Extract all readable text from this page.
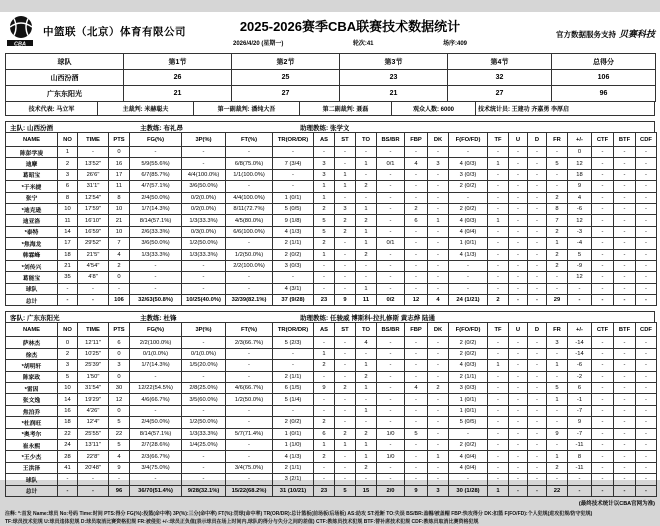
CBA
中篮联（北京）体育有限公司	2025-2026赛季CBA联赛技术数据统计
2026/4/20 (星期一)	轮次:41	场序:409
官方数据服务支持 贝赛科技
球队	第1节	第2节	第3节	第4节	总得分
山西汾酒	26	25	23	32	106
广东东阳光	21	27	21	27	96
技术代表: 马立军	主裁判: 米赫聪夫	第一副裁判: 潘纯大吾	第二副裁判: 聂磊	观众人数: 6000	技术统计员: 王建功 齐嘉勇 李厚启
主队: 山西汾酒	主教练: 布礼昂	助理教练: 张学文
NAME	NO	TIME	PTS	FG(%)	3P(%)	FT(%)	TR(OR/DR)	AS	ST	TO	BS/BR	FBP	DK	F(FO/FD)	TF	U	D	FR	+/-	CTF	BTF	CDF
陈彭学凌	1	-	0	-	-	-	-	-	-	-	-	-	-	-	-	-	-	-	0	-	-	-
迪摩	2	13'52"	16	5/9(55.6%)	-	6/8(75.0%)	7 (3/4)	3	-	1	0/1	4	3	4 (0/3)	1	-	-	5	12	-	-	-
葛昭宝	3	26'6"	17	6/7(85.7%)	4/4(100.0%)	1/1(100.0%)	-	3	1	-	-	-	-	3 (0/3)	-	-	-	-	18	-	-	-
*于米捷	6	31'1"	11	4/7(57.1%)	3/6(50.0%)	-	-	1	1	2	-	-	-	2 (0/2)	-	-	-	-	9	-	-	-
张宁	8	12'54"	8	2/4(50.0%)	0/2(0.0%)	4/4(100.0%)	1 (0/1)	1	-	-	-	-	-	-	-	-	-	2	4	-	-	-
*迪克逊	10	17'59"	10	1/7(14.3%)	0/2(0.0%)	8/11(72.7%)	5 (0/5)	2	3	1	-	2	-	2 (0/2)	-	-	-	8	-6	-	-	-
迪亚洛	11	16'10"	21	8/14(57.1%)	1/3(33.3%)	4/5(80.0%)	9 (1/8)	5	2	2	-	6	1	4 (0/3)	1	-	-	7	12	-	-	-
*泰特	14	16'59"	10	2/6(33.3%)	0/3(0.0%)	6/6(100.0%)	4 (1/3)	5	2	1	-	-	-	4 (0/4)	-	-	-	2	-3	-	-	-
*焦海龙	17	29'52"	7	3/6(50.0%)	1/2(50.0%)	-	2 (1/1)	2	-	1	0/1	-	-	1 (0/1)	-	-	-	1	-4	-	-	-
韩霖峰	18	21'5"	4	1/3(33.3%)	1/3(33.3%)	1/2(50.0%)	2 (0/2)	1	-	2	-	-	-	4 (1/3)	-	-	-	2	5	-	-	-
*刘传兴	21	4'54"	2	-	-	2/2(100.0%)	3 (0/3)	-	-	-	-	-	-	-	-	-	-	2	-9	-	-	-
葛能宝	35	4'8"	0	-	-	-	-	-	-	-	-	-	-	-	-	-	-	-	12	-	-	-
球队	-	-	-	-	-	-	4 (3/1)	-	-	1	-	-	-	-	-	-	-	-	-	-	-	-
总计	-	-	106	32/63(50.8%)	10/25(40.0%)	32/39(82.1%)	37 (9/28)	23	9	11	0/2	12	4	24 (1/21)	2	-	-	29	-	-	-	-
客队: 广东东阳光	主教练: 杜锋	助理教练: 任骏威 博斯科-拉扎修斯 黄志烨 陆通
NAME	NO	TIME	PTS	FG(%)	3P(%)	FT(%)	TR(OR/DR)	AS	ST	TO	BS/BR	FBP	DK	F(FO/FD)	TF	U	D	FR	+/-	CTF	BTF	CDF
萨林杰	0	12'11"	6	2/2(100.0%)	-	2/3(66.7%)	5 (2/3)	-	-	4	-	-	-	2 (0/2)	-	-	-	3	-14	-	-	-
徐杰	2	10'25"	0	0/1(0.0%)	0/1(0.0%)	-	-	1	-	-	-	-	-	2 (0/2)	-	-	-	-	-14	-	-	-
*胡明轩	3	25'39"	3	1/7(14.3%)	1/5(20.0%)	-	-	2	-	1	-	-	-	4 (0/3)	1	-	-	1	-6	-	-	-
陈家政	5	1'50"	0	-	-	-	2 (1/1)	-	-	2	-	-	-	2 (1/1)	-	-	-	-	-2	-	-	-
*雷因	10	31'54"	30	12/22(54.5%)	2/8(25.0%)	4/6(66.7%)	6 (1/5)	9	2	1	-	4	2	3 (0/3)	-	-	-	5	6	-	-	-
张文逸	14	19'29"	12	4/6(66.7%)	3/5(60.0%)	1/2(50.0%)	5 (1/4)	-	-	-	-	-	-	1 (0/1)	-	-	-	1	-1	-	-	-
焦泊乔	16	4'26"	0	-	-	-	-	-	-	1	-	-	-	1 (0/1)	-	-	-	-	-7	-	-	-
*杜润旺	18	12'4"	5	2/4(50.0%)	1/2(50.0%)	-	2 (0/2)	2	-	-	-	-	-	5 (0/5)	-	-	-	-	9	-	-	-
*奥考尔	22	25'55"	22	8/14(57.1%)	1/3(33.3%)	5/7(71.4%)	1 (0/1)	6	2	2	1/0	5	-	-	-	-	-	9	-7	-	-	-
崔永熙	24	13'11"	5	2/7(28.6%)	1/4(25.0%)	-	1 (1/0)	1	1	1	-	-	-	2 (0/2)	-	-	-	-	-11	-	-	-
*王少杰	28	22'8"	4	2/3(66.7%)	-	-	4 (1/3)	2	-	1	1/0	-	1	4 (0/4)	-	-	-	1	8	-	-	-
王洪泽	41	20'48"	9	3/4(75.0%)	-	3/4(75.0%)	2 (1/1)	-	-	2	-	-	-	4 (0/4)	-	-	-	2	-11	-	-	-
球队	-	-	-	-	-	-	3 (2/1)	-	-	-	-	-	-	-	-	-	-	-	-	-	-	-
总计	-	-	96	36/70(51.4%)	9/28(32.1%)	15/22(68.2%)	31 (10/21)	23	5	15	2/0	9	3	30 (1/28)	1	-	-	22	-	-	-	-
(最终技术统计以CBA官网为准)
注释: *:首发 Name:球员 No:号码 Time:时间 PTS:得分 FG(%):投篮(命中率) 3P(%):三分(命中率) FT(%):罚球(命中率) TR(OR/DR):总计篮板(前场板/后场板) AS:助攻 ST:抢断 TO:失误 BS/BR:盖帽/被盖帽 FBP:快攻得分 DK:扣篮 F(FO/FD):个人犯规(进攻犯规/防守犯规)
TF:球员技术犯规 U:球员违体犯规 D:球员取消比赛资格犯规 FR:被侵犯 +/-:球员正负值(表示球员在场上时间内,球队的得分与失分之间的差值) CTF:教练员技术犯规 BTF:替补席技术犯规 CDF:教练员取消比赛资格犯规
